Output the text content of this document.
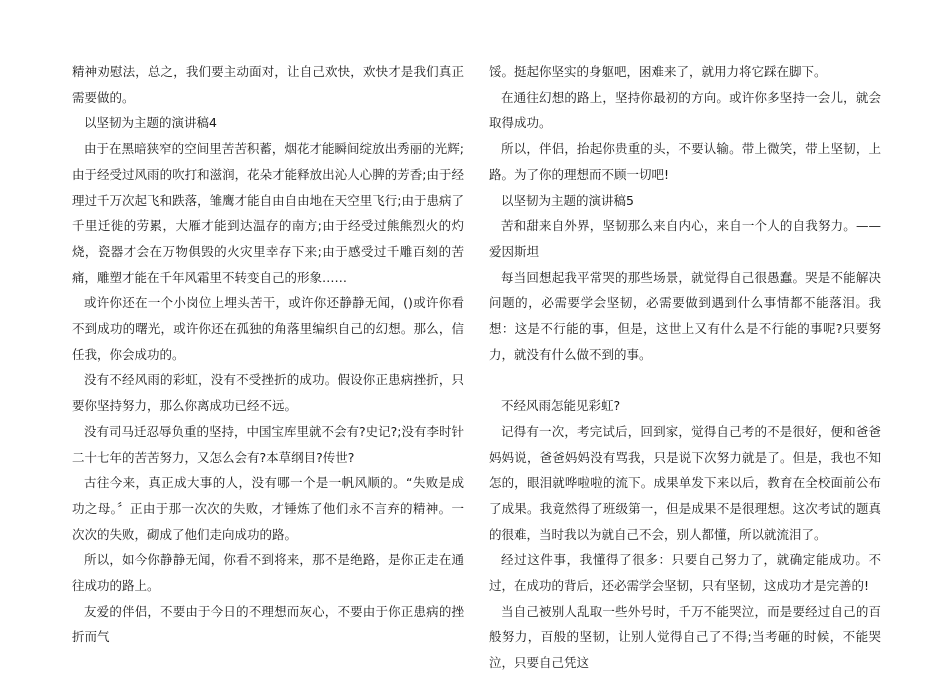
精神劝慰法，总之，我们要主动面对，让自己欢快，欢快才是我们真正需要做的。

以坚韧为主题的演讲稿4

由于在黑暗狭窄的空间里苦苦积蓄，烟花才能瞬间绽放出秀丽的光辉;由于经受过风雨的吹打和滋润，花朵才能释放出沁人心脾的芳香;由于经理过千万次起飞和跌落，雏鹰才能自由自由地在天空里飞行;由于患病了千里迁徙的劳累，大雁才能到达温存的南方;由于经受过熊熊烈火的灼烧，瓷器才会在万物俱毁的火灾里幸存下来;由于感受过千雕百刻的苦痛，雕塑才能在千年风霜里不转变自己的形象……

或许你还在一个小岗位上埋头苦干，或许你还静静无闻，()或许你看不到成功的曙光，或许你还在孤独的角落里编织自己的幻想。那么，信任我，你会成功的。

没有不经风雨的彩虹，没有不受挫折的成功。假设你正患病挫折，只要你坚持努力，那么你离成功已经不远。

没有司马迁忍辱负重的坚持，中国宝库里就不会有?史记?;没有李时针二十七年的苦苦努力，又怎么会有?本草纲目?传世?

古往今来，真正成大事的人，没有哪一个是一帆风顺的。“失败是成功之母。〞正由于那一次次的失败，才锤炼了他们永不言弃的精神。一次次的失败，砌成了他们走向成功的路。

所以，如今你静静无闻，你看不到将来，那不是绝路，是你正走在通往成功的路上。

友爱的伴侣，不要由于今日的不理想而灰心，不要由于你正患病的挫折而气

馁。挺起你坚实的身躯吧，困难来了，就用力将它踩在脚下。

在通往幻想的路上，坚持你最初的方向。或许你多坚持一会儿，就会取得成功。

所以，伴侣，抬起你贵重的头，不要认输。带上微笑，带上坚韧，上路。为了你的理想而不顾一切吧!

以坚韧为主题的演讲稿5

苦和甜来自外界，坚韧那么来自内心，来自一个人的自我努力。——爱因斯坦

每当回想起我平常哭的那些场景，就觉得自己很愚蠢。哭是不能解决问题的，必需要学会坚韧，必需要做到遇到什么事情都不能落泪。我想：这是不行能的事，但是，这世上又有什么是不行能的事呢?只要努力，就没有什么做不到的事。

不经风雨怎能见彩虹?

记得有一次，考完试后，回到家，觉得自己考的不是很好，便和爸爸妈妈说，爸爸妈妈没有骂我，只是说下次努力就是了。但是，我也不知怎的，眼泪就哗啦啦的流下。成果单发下来以后，教育在全校面前公布了成果。我竟然得了班级第一，但是成果不是很理想。这次考试的题真的很难，当时我以为就自己不会，别人都懂，所以就流泪了。

经过这件事，我懂得了很多：只要自己努力了，就确定能成功。不过，在成功的背后，还必需学会坚韧，只有坚韧，这成功才是完善的!

当自己被别人乱取一些外号时，千万不能哭泣，而是要经过自己的百般努力，百般的坚韧，让别人觉得自己了不得;当考砸的时候，不能哭泣，只要自己凭这
